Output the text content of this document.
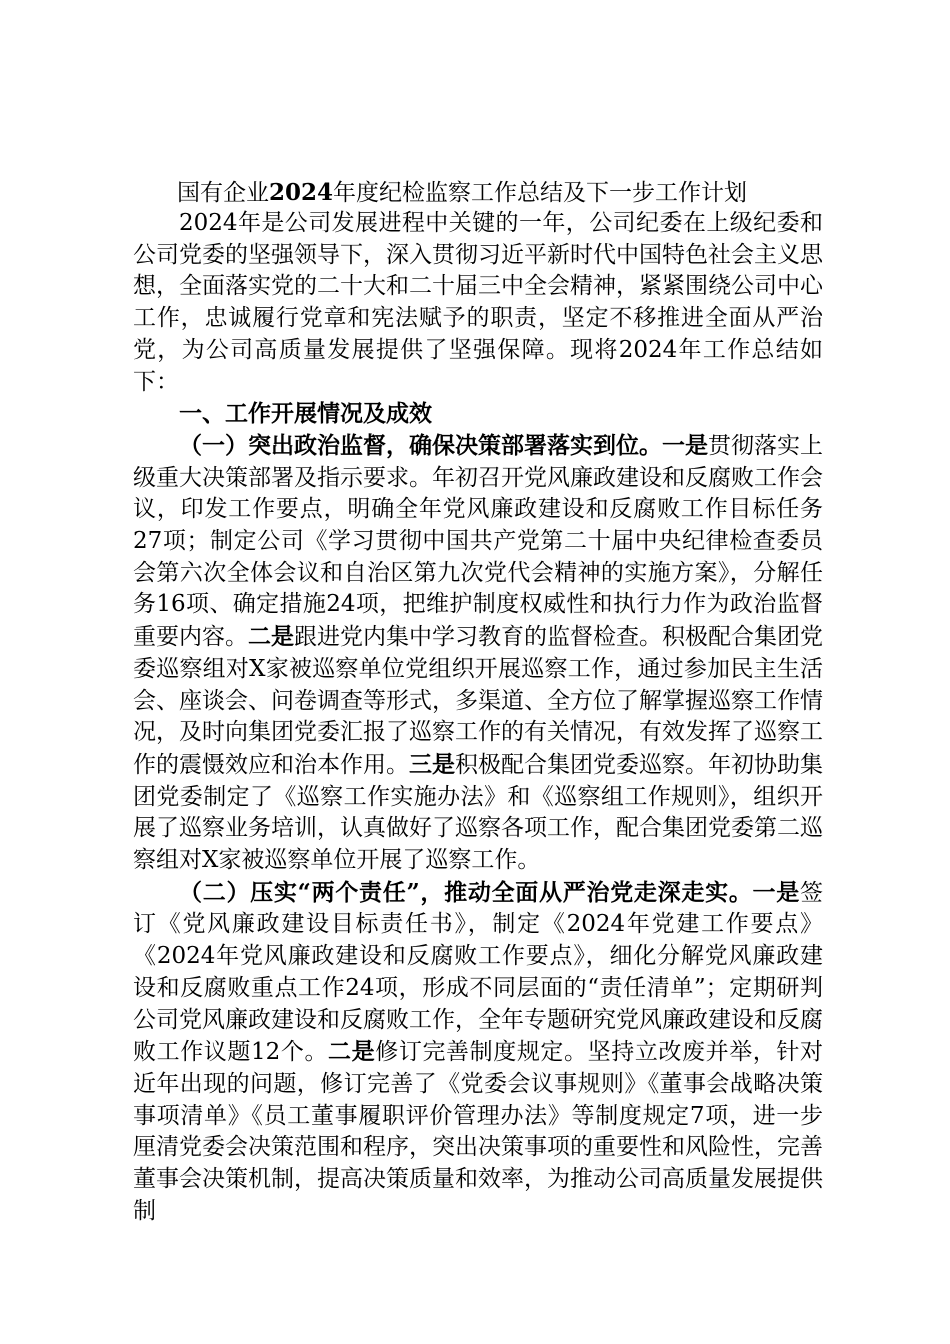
国有企业2024年度纪检监察工作总结及下一步工作计划

2024年是公司发展进程中关键的一年，公司纪委在上级纪委和公司党委的坚强领导下，深入贯彻习近平新时代中国特色社会主义思想，全面落实党的二十大和二十届三中全会精神，紧紧围绕公司中心工作，忠诚履行党章和宪法赋予的职责，坚定不移推进全面从严治党，为公司高质量发展提供了坚强保障。现将2024年工作总结如下：

一、工作开展情况及成效

（一）突出政治监督，确保决策部署落实到位。一是贯彻落实上级重大决策部署及指示要求。年初召开党风廉政建设和反腐败工作会议，印发工作要点，明确全年党风廉政建设和反腐败工作目标任务27项；制定公司《学习贯彻中国共产党第二十届中央纪律检查委员会第六次全体会议和自治区第九次党代会精神的实施方案》，分解任务16项、确定措施24项，把维护制度权威性和执行力作为政治监督重要内容。二是跟进党内集中学习教育的监督检查。积极配合集团党委巡察组对X家被巡察单位党组织开展巡察工作，通过参加民主生活会、座谈会、问卷调查等形式，多渠道、全方位了解掌握巡察工作情况，及时向集团党委汇报了巡察工作的有关情况，有效发挥了巡察工作的震慑效应和治本作用。三是积极配合集团党委巡察。年初协助集团党委制定了《巡察工作实施办法》和《巡察组工作规则》，组织开展了巡察业务培训，认真做好了巡察各项工作，配合集团党委第二巡察组对X家被巡察单位开展了巡察工作。

（二）压实“两个责任”，推动全面从严治党走深走实。一是签订《党风廉政建设目标责任书》，制定《2024年党建工作要点》《2024年党风廉政建设和反腐败工作要点》，细化分解党风廉政建设和反腐败重点工作24项，形成不同层面的“责任清单”；定期研判公司党风廉政建设和反腐败工作，全年专题研究党风廉政建设和反腐败工作议题12个。二是修订完善制度规定。坚持立改废并举，针对近年出现的问题，修订完善了《党委会议事规则》《董事会战略决策事项清单》《员工董事履职评价管理办法》等制度规定7项，进一步厘清党委会决策范围和程序，突出决策事项的重要性和风险性，完善董事会决策机制，提高决策质量和效率，为推动公司高质量发展提供制
